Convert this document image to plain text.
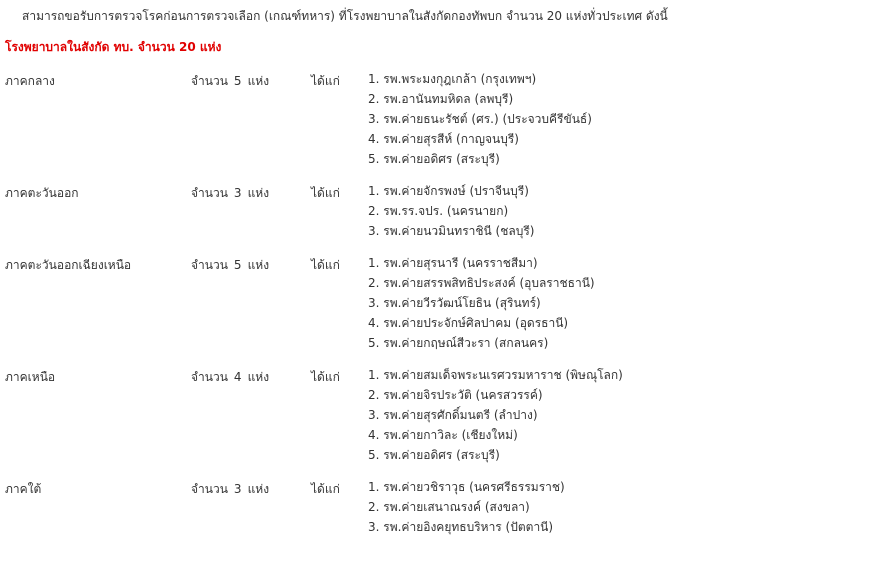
สามารถขอรับการตรวจโรคก่อนการตรวจเลือก (เกณฑ์ทหาร) ที่โรงพยาบาลในสังกัดกองทัพบก จำนวน 20 แห่งทั่วประเทศ ดังนี้
โรงพยาบาลในสังกัด ทบ. จำนวน 20 แห่ง
ภาคกลาง	จำนวน 5 แห่ง	ได้แก่ 1. รพ.พระมงกุฎเกล้า (กรุงเทพฯ)
2. รพ.อานันทมหิดล (ลพบุรี)
3. รพ.ค่ายธนะรัชต์ (ศร.) (ประจวบคีรีขันธ์)
4. รพ.ค่ายสุรสีห์ (กาญจนบุรี)
5. รพ.ค่ายอดิศร (สระบุรี)
ภาคตะวันออก	จำนวน 3 แห่ง	ได้แก่ 1. รพ.ค่ายจักรพงษ์ (ปราจีนบุรี)
2. รพ.รร.จปร. (นครนายก)
3. รพ.ค่ายนวมินทราชินี (ชลบุรี)
ภาคตะวันออกเฉียงเหนือ	จำนวน 5 แห่ง	ได้แก่ 1. รพ.ค่ายสุรนารี (นครราชสีมา)
2. รพ.ค่ายสรรพสิทธิประสงค์ (อุบลราชธานี)
3. รพ.ค่ายวีรวัฒน์โยธิน (สุรินทร์)
4. รพ.ค่ายประจักษ์ศิลปาคม (อุดรธานี)
5. รพ.ค่ายกฤษณ์สีวะรา (สกลนคร)
ภาคเหนือ	จำนวน 4 แห่ง	ได้แก่ 1. รพ.ค่ายสมเด็จพระนเรศวรมหาราช (พิษณุโลก)
2. รพ.ค่ายจิรประวัติ (นครสวรรค์)
3. รพ.ค่ายสุรศักดิ์มนตรี (ลำปาง)
4. รพ.ค่ายกาวิละ (เชียงใหม่)
5. รพ.ค่ายอดิศร (สระบุรี)
ภาคใต้	จำนวน 3 แห่ง	ได้แก่ 1. รพ.ค่ายวชิราวุธ (นครศรีธรรมราช)
2. รพ.ค่ายเสนาณรงค์ (สงขลา)
3. รพ.ค่ายอิงคยุทธบริหาร (ปัตตานี)
